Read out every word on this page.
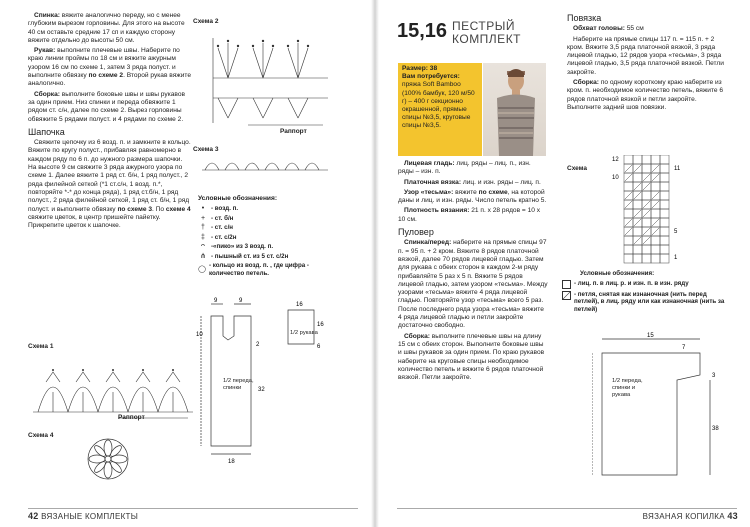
Спинка: вяжите аналогично переду, но с менее глубоким вырезом горловины. Для этого на высоте 40 см оставьте средние 17 сп и каждую сторону вяжите отдельно до высоты 50 см.

Рукав: выполните плечевые швы. Наберите по краю линии проймы по 18 см и вяжите ажурным узором 16 см по схеме 1, затем 3 ряда полуст. и выполните обвязку по схеме 2. Второй рукав вяжите аналогично.

Сборка: выполните боковые швы и швы рукавов за один прием. Низ спинки и переда обвяжите 1 рядом ст. с/н, далее по схеме 2. Вырез горловины обвяжите 5 рядами полуст. и 4 рядами по схеме 2.

Шапочка

Свяжите цепочку из 6 возд. п. и замкните в кольцо. Вяжите по кругу полуст., прибавляя равномерно в каждом ряду по 6 п. до нужного размера шапочки. На высоте 9 см свяжите 3 ряда ажурного узора по схеме 1. Далее вяжите 1 ряд ст. б/н, 1 ряд полуст., 2 ряда филейной сеткой (*1 ст.с/н, 1 возд. п.*, повторяйте *-* до конца ряда), 1 ряд ст.б/н, 1 ряд полуст., 2 ряда филейной сеткой, 1 ряд ст. б/н, 1 ряд полуст. и выполните обвязку по схеме 3. По схеме 4 свяжите цветок, в центр пришейте пайетку. Прикрепите цветок к шапочке.

Схема 1
Раппорт
Схема 4
Схема 2
Раппорт
Схема 3
Условные обозначения:
•	- возд. п.
+ - ст. б/н
† - ст. с/н
‡ - ст. с/2н
ᴖ -«пико» из 3 возд. п.
⋔ - пышный ст. из 5 ст. с/2н
◯
- кольцо из возд. п. , где цифра - количество петель.
9	9
10
32
18
16
16
6
2
1/2 переда, спинки
1/2 рукава
42 ВЯЗАНЫЕ КОМПЛЕКТЫ
15,16 ПЕСТРЫЙ
КОМПЛЕКТ
Размер: 38
Вам потребуется:
пряжа Soft Bamboo (100% бамбук, 120 м/50 г) – 400 г секционно окрашенной, прямые спицы №3,5, круговые спицы №3,5.

Лицевая гладь: лиц. ряды – лиц. п., изн. ряды – изн. п.

Платочная вязка: лиц. и изн. ряды – лиц. п.

Узор «тесьма»: вяжите по схеме, на которой даны и лиц. и изн. ряды. Число петель кратно 5.

Плотность вязания: 21 п. х 28 рядов = 10 х 10 см.

Пуловер

Спинка/перед: наберите на прямые спицы 97 п. = 95 п. + 2 кром. Вяжите 8 рядов платочной вязкой, далее 70 рядов лицевой гладью. Затем для рукава с обеих сторон в каждом 2-м ряду прибавляйте 5 раз х 5 п. Вяжите 5 рядов лицевой гладью, затем узором «тесьма». Между узорами «тесьма» вяжите 4 ряда лицевой гладью. Повторяйте узор «тесьма» всего 5 раз. После последнего ряда узора «тесьма» вяжите 4 ряда лицевой гладью и петли закройте достаточно свободно.

Сборка: выполните плечевые швы на длину 15 см с обеих сторон. Выполните боковые швы и швы рукавов за один прием. По краю рукавов наберите на круговые спицы необходимое количество петель и вяжите 6 рядов платочной вязкой. Петли закройте.

Повязка

Обхват головы: 55 см

Наберите на прямые спицы 117 п. = 115 п. + 2 кром. Вяжите 3,5 ряда платочной вязкой, 3 ряда лицевой гладью, 12 рядов узора «тесьма», 3 ряда лицевой гладью, 3,5 ряда платочной вязкой. Петли закройте.

Сборка: по одному короткому краю наберите из кром. п. необходимое количество петель, вяжите 6 рядов платочной вязкой и петли закройте. Выполните задний шов повязки.

Схема
12
11
10
5
1
Условные обозначения:
- лиц. п. в лиц. р. и изн. п. в изн. ряду
- петля, снятая как изнаночная (нить перед петлей), в лиц. ряду или как изнаночная (нить за петлей)
15
7
38
3
1/2 переда, спинки и рукава
ВЯЗАНАЯ КОПИЛКА 43
